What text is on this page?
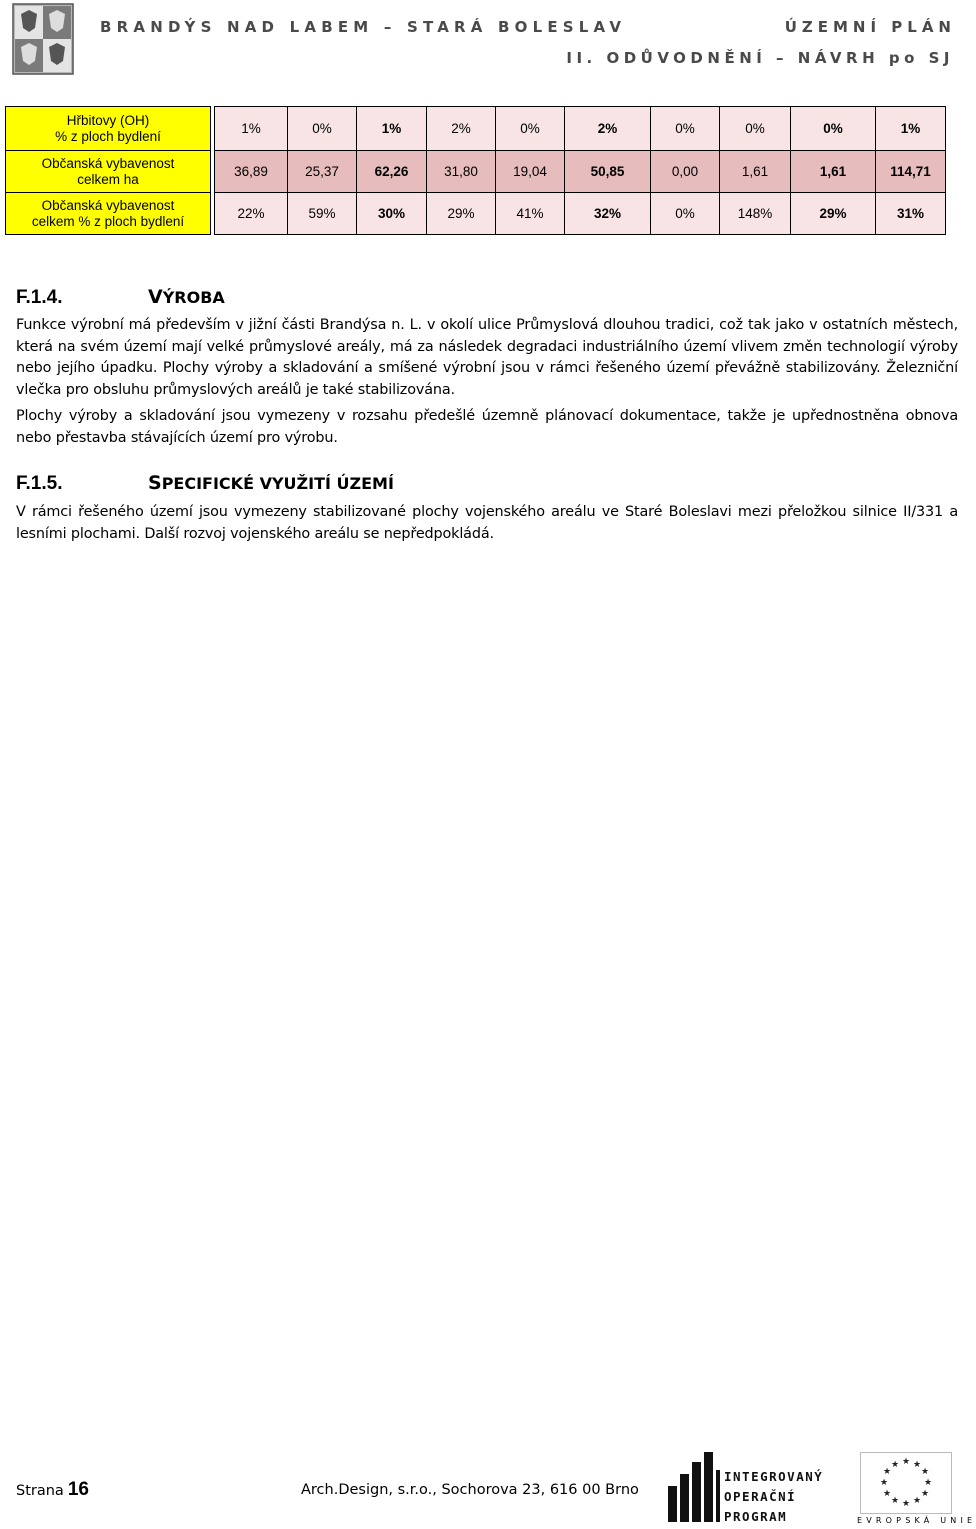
BRANDÝS NAD LABEM – STARÁ BOLESLAV	ÚZEMNÍ PLÁN
II. ODŮVODNĚNÍ – NÁVRH po SJ
Hřbitovy (OH)
% z ploch bydlení		1%	0%	1%	2%	0%	2%	0%	0%	0%	1%
Občanská vybavenost
celkem ha		36,89	25,37	62,26	31,80	19,04	50,85	0,00	1,61	1,61	114,71
Občanská vybavenost
celkem % z ploch bydlení		22%	59%	30%	29%	41%	32%	0%	148%	29%	31%
F.1.4.	VÝROBA

Funkce výrobní má především v jižní části Brandýsa n. L. v okolí ulice Průmyslová dlouhou tradici, což tak jako v ostatních městech, která na svém území mají velké průmyslové areály, má za následek degradaci industriálního území vlivem změn technologií výroby nebo jejího úpadku. Plochy výroby a skladování a smíšené výrobní jsou v rámci řešeného území převážně stabilizovány. Železniční vlečka pro obsluhu průmyslových areálů je také stabilizována.

Plochy výroby a skladování jsou vymezeny v rozsahu předešlé územně plánovací dokumentace, takže je upřednostněna obnova nebo přestavba stávajících území pro výrobu.

F.1.5.	SPECIFICKÉ VYUŽITÍ ÚZEMÍ

V rámci řešeného území jsou vymezeny stabilizované plochy vojenského areálu ve Staré Boleslavi mezi přeložkou silnice II/331 a lesními plochami. Další rozvoj vojenského areálu se nepředpokládá.

Strana 16	Arch.Design, s.r.o., Sochorova 23, 616 00 Brno
INTEGROVANÝ
OPERAČNÍ
PROGRAM
★ ★
★
★
★
★
★
★
★
★
★
★
EVROPSKÁ UNIE
